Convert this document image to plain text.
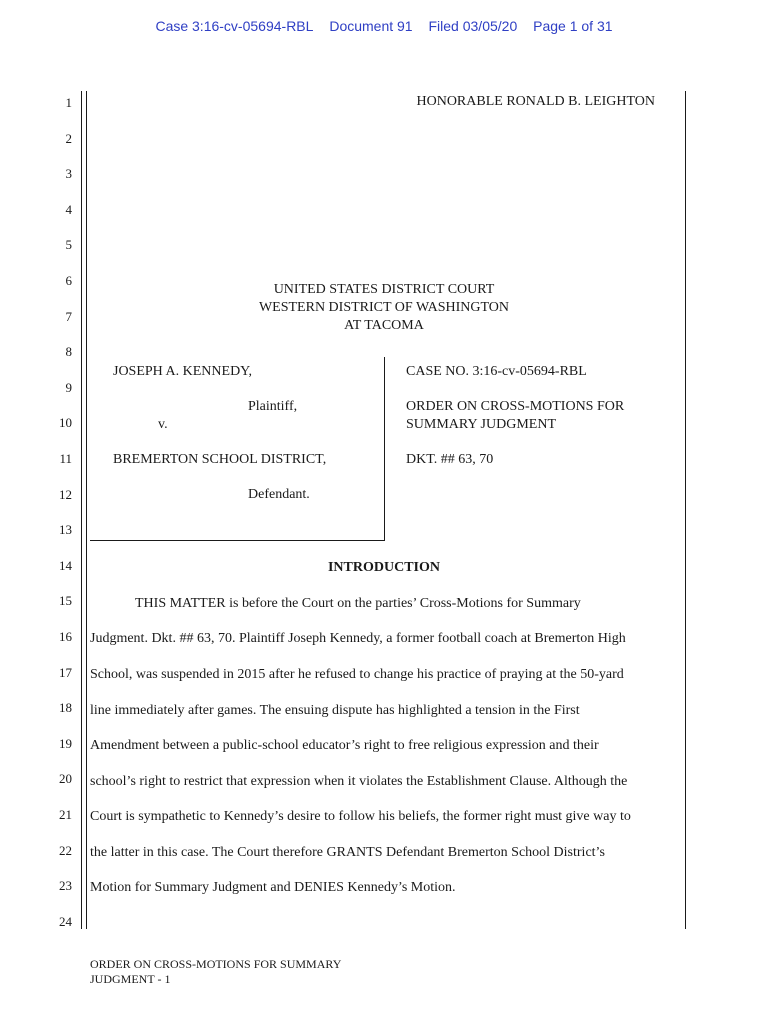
Case 3:16-cv-05694-RBL Document 91 Filed 03/05/20 Page 1 of 31
1
2
3
4
5
6
7
8
9
10
11
12
13
14
15
16
17
18
19
20
21
22
23
24
HONORABLE RONALD B. LEIGHTON
UNITED STATES DISTRICT COURT
WESTERN DISTRICT OF WASHINGTON
AT TACOMA
JOSEPH A. KENNEDY,
Plaintiff,
v.
BREMERTON SCHOOL DISTRICT,
Defendant.
CASE NO. 3:16-cv-05694-RBL
ORDER ON CROSS-MOTIONS FOR
SUMMARY JUDGMENT
DKT. ## 63, 70
INTRODUCTION
THIS MATTER is before the Court on the parties’ Cross-Motions for Summary
Judgment. Dkt. ## 63, 70. Plaintiff Joseph Kennedy, a former football coach at Bremerton High
School, was suspended in 2015 after he refused to change his practice of praying at the 50-yard
line immediately after games. The ensuing dispute has highlighted a tension in the First
Amendment between a public-school educator’s right to free religious expression and their
school’s right to restrict that expression when it violates the Establishment Clause. Although the
Court is sympathetic to Kennedy’s desire to follow his beliefs, the former right must give way to
the latter in this case. The Court therefore GRANTS Defendant Bremerton School District’s
Motion for Summary Judgment and DENIES Kennedy’s Motion.
ORDER ON CROSS-MOTIONS FOR SUMMARY
JUDGMENT - 1
